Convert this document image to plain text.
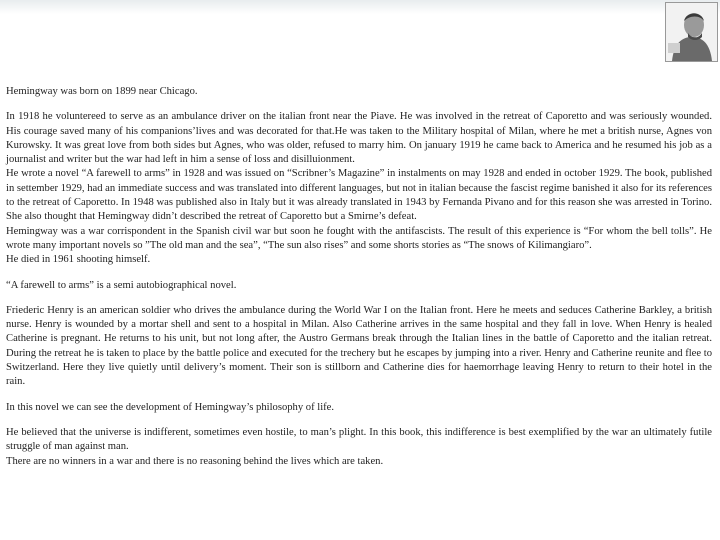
Hemingway was born on 1899 near Chicago.

In 1918 he voluntereed to serve as an ambulance driver on the italian front near the Piave. He was involved in the retreat of Caporetto and was seriously wounded. His courage saved many of his companions’lives and was decorated for that.He was taken to the Military hospital of Milan, where he met a british nurse, Agnes von Kurowsky. It was great love from both sides but Agnes, who was older, refused to marry him. On january 1919 he came back to America and he resumed his job as a journalist and writer but the war had left in him a sense of loss and disilluionment.

He wrote a novel “A farewell to arms” in 1928 and was issued on “Scribner’s Magazine” in instalments on may 1928 and ended in october 1929. The book, published in settember 1929, had an immediate success and was translated into different languages, but not in italian because the fascist regime banished it also for its references to the retreat of Caporetto. In 1948 was published also in Italy but it was already translated in 1943 by Fernanda Pivano and for this reason she was arrested in Torino. She also thought that Hemingway didn’t described the retreat of Caporetto but a Smirne’s defeat.

Hemingway was a war corrispondent in the Spanish civil war but soon he fought with the antifascists. The result of this experience is “For whom the bell tolls”. He wrote many important novels so ”The old man and the sea”, “The sun also rises” and some shorts stories as “The snows of Kilimangiaro”.

He died in 1961 shooting himself.

“A farewell to arms” is a semi autobiographical novel.

Friederic Henry is an american soldier who drives the ambulance during the World War I on the Italian front. Here he meets and seduces Catherine Barkley, a british nurse. Henry is wounded by a mortar shell and sent to a hospital in Milan. Also Catherine arrives in the same hospital and they fall in love. When Henry is healed Catherine is pregnant. He returns to his unit, but not long after, the Austro Germans break through the Italian lines in the battle of Caporetto and the italian retreat. During the retreat he is taken to place by the battle police and executed for the trechery but he escapes by jumping into a river. Henry and Catherine reunite and flee to Switzerland. Here they live quietly until delivery’s moment. Their son is stillborn and Catherine dies for haemorrhage leaving Henry to return to their hotel in the rain.

In this novel we can see the development of Hemingway’s philosophy of life.

He believed that the universe is indifferent, sometimes even hostile, to man’s plight. In this book, this indifference is best exemplified by the war an ultimately futile struggle of man against man.

There are no winners in a war and there is no reasoning behind the lives which are taken.
